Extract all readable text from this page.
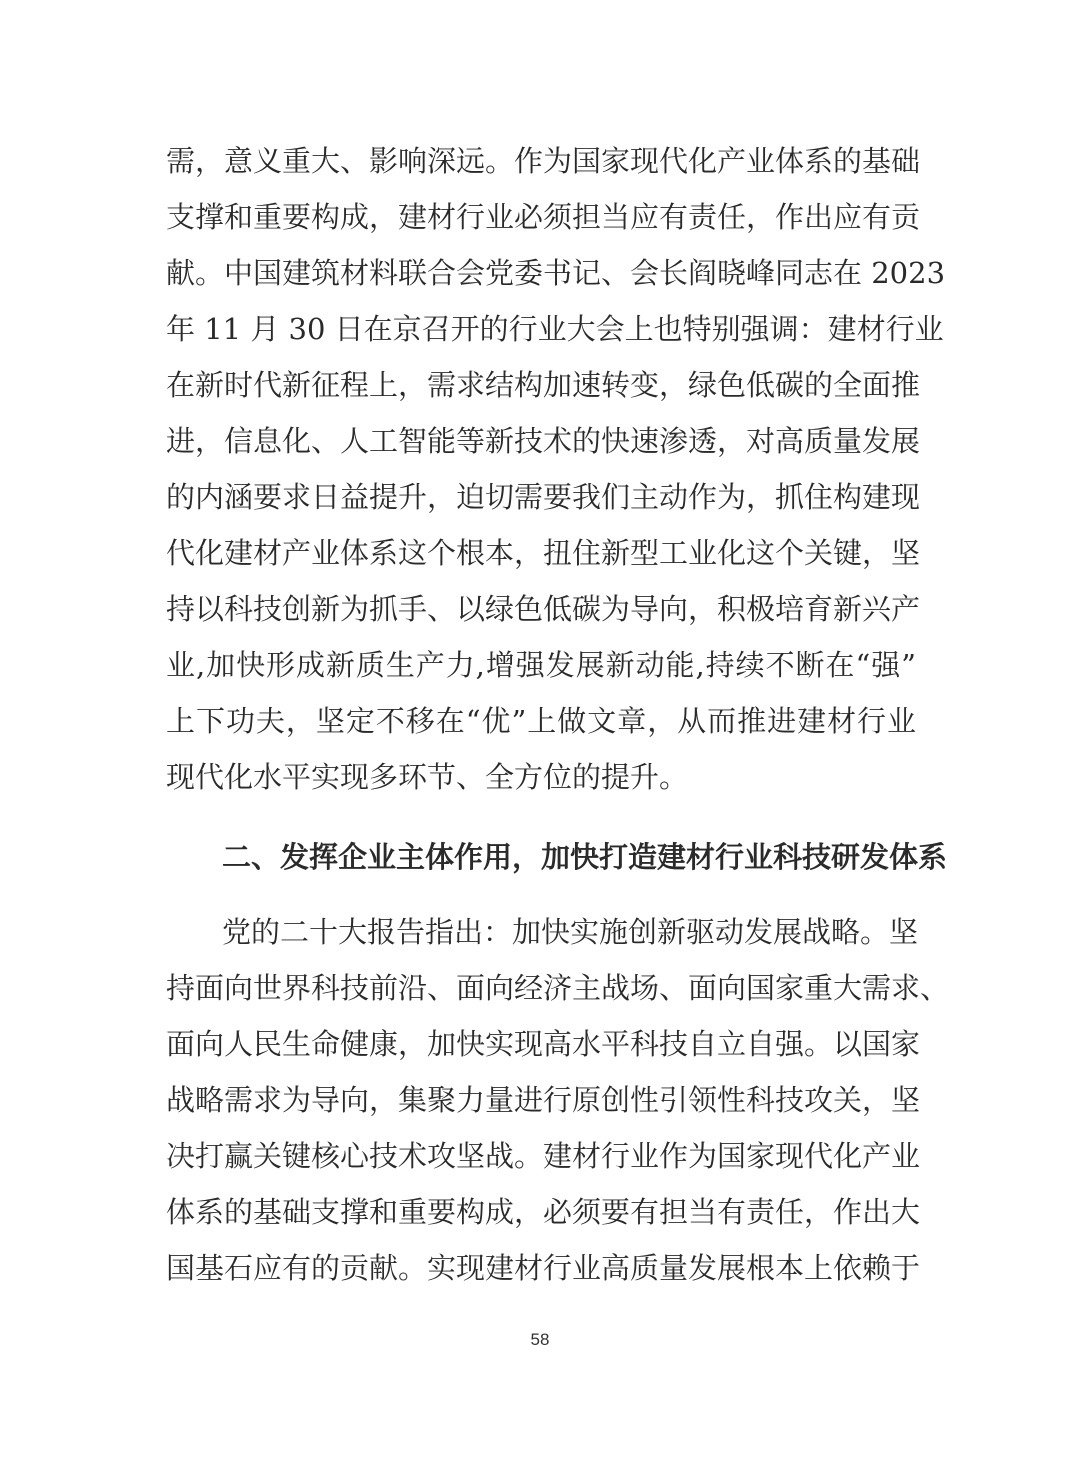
需，意义重大、影响深远。作为国家现代化产业体系的基础
支撑和重要构成，建材行业必须担当应有责任，作出应有贡
献。中国建筑材料联合会党委书记、会长阎晓峰同志在 2023
年 11 月 30 日在京召开的行业大会上也特别强调：建材行业
在新时代新征程上，需求结构加速转变，绿色低碳的全面推
进，信息化、人工智能等新技术的快速渗透，对高质量发展
的内涵要求日益提升，迫切需要我们主动作为，抓住构建现
代化建材产业体系这个根本，扭住新型工业化这个关键，坚
持以科技创新为抓手、以绿色低碳为导向，积极培育新兴产
业,加快形成新质生产力,增强发展新动能,持续不断在“强”
上下功夫，坚定不移在“优”上做文章，从而推进建材行业
现代化水平实现多环节、全方位的提升。
二、发挥企业主体作用，加快打造建材行业科技研发体系
党的二十大报告指出：加快实施创新驱动发展战略。坚
持面向世界科技前沿、面向经济主战场、面向国家重大需求、
面向人民生命健康，加快实现高水平科技自立自强。以国家
战略需求为导向，集聚力量进行原创性引领性科技攻关，坚
决打赢关键核心技术攻坚战。建材行业作为国家现代化产业
体系的基础支撑和重要构成，必须要有担当有责任，作出大
国基石应有的贡献。实现建材行业高质量发展根本上依赖于
58
